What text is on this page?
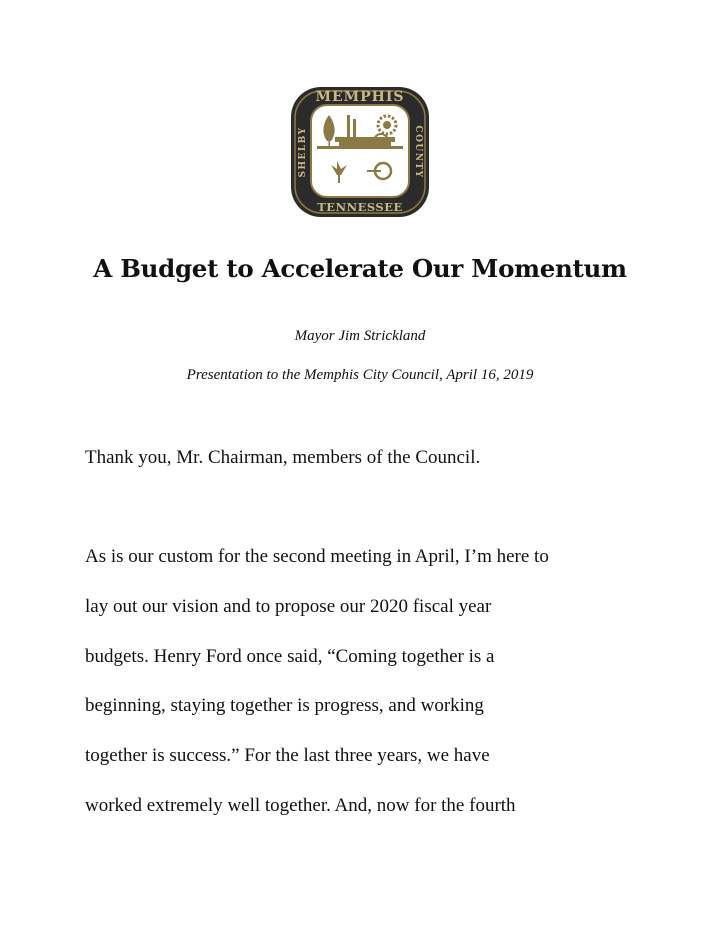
MEMPHIS
TENNESSEE
SHELBY	COUNTY
A Budget to Accelerate Our Momentum

Mayor Jim Strickland

Presentation to the Memphis City Council, April 16, 2019

Thank you, Mr. Chairman, members of the Council.

As is our custom for the second meeting in April, I’m here to

lay out our vision and to propose our 2020 fiscal year

budgets. Henry Ford once said, “Coming together is a

beginning, staying together is progress, and working

together is success.” For the last three years, we have

worked extremely well together. And, now for the fourth
